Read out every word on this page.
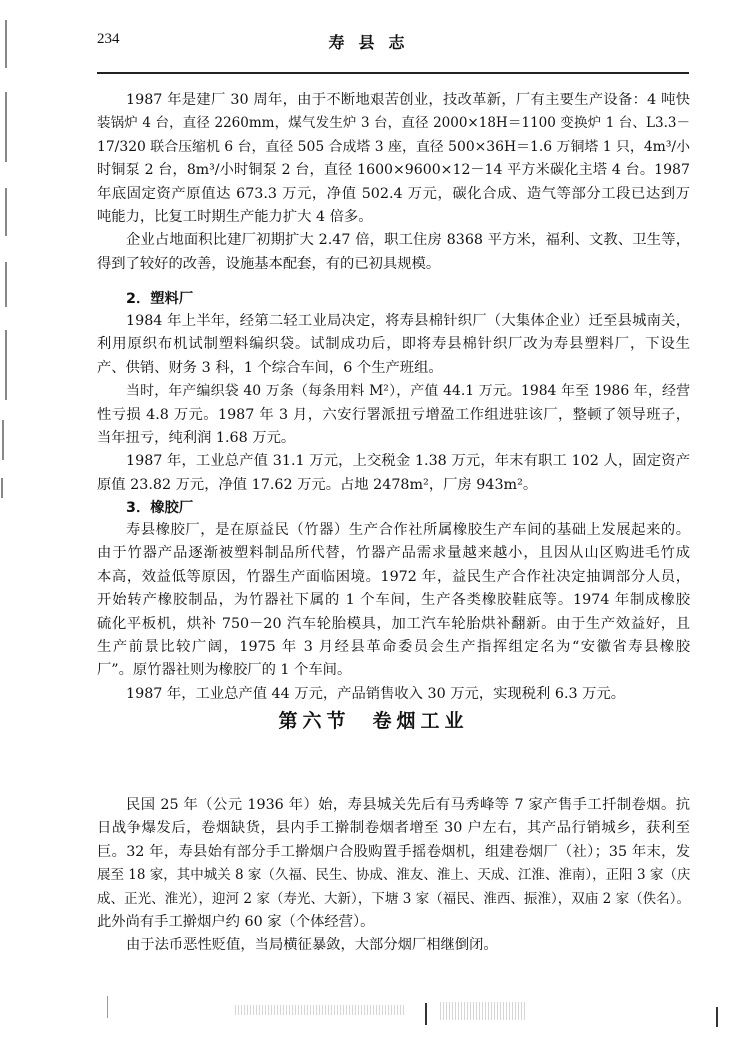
234	寿县志
1987 年是建厂 30 周年，由于不断地艰苦创业，技改革新，厂有主要生产设备：4 吨快
装锅炉 4 台，直径 2260mm，煤气发生炉 3 台，直径 2000×18H＝1100 变换炉 1 台、L3.3－
17/320 联合压缩机 6 台，直径 505 合成塔 3 座，直径 500×36H＝1.6 万铜塔 1 只，4m³/小
时铜泵 2 台，8m³/小时铜泵 2 台，直径 1600×9600×12－14 平方米碳化主塔 4 台。1987
年底固定资产原值达 673.3 万元，净值 502.4 万元，碳化合成、造气等部分工段已达到万
吨能力，比复工时期生产能力扩大 4 倍多。
企业占地面积比建厂初期扩大 2.47 倍，职工住房 8368 平方米，福利、文教、卫生等，
得到了较好的改善，设施基本配套，有的已初具规模。
2．塑料厂
1984 年上半年，经第二轻工业局决定，将寿县棉针织厂（大集体企业）迁至县城南关，
利用原织布机试制塑料编织袋。试制成功后，即将寿县棉针织厂改为寿县塑料厂，下设生
产、供销、财务 3 科，1 个综合车间，6 个生产班组。
当时，年产编织袋 40 万条（每条用料 M²），产值 44.1 万元。1984 年至 1986 年，经营
性亏损 4.8 万元。1987 年 3 月，六安行署派扭亏增盈工作组进驻该厂，整顿了领导班子，
当年扭亏，纯利润 1.68 万元。
1987 年，工业总产值 31.1 万元，上交税金 1.38 万元，年末有职工 102 人，固定资产
原值 23.82 万元，净值 17.62 万元。占地 2478m²，厂房 943m²。
3．橡胶厂
寿县橡胶厂，是在原益民（竹器）生产合作社所属橡胶生产车间的基础上发展起来的。
由于竹器产品逐渐被塑料制品所代替，竹器产品需求量越来越小，且因从山区购进毛竹成
本高，效益低等原因，竹器生产面临困境。1972 年，益民生产合作社决定抽调部分人员，
开始转产橡胶制品，为竹器社下属的 1 个车间，生产各类橡胶鞋底等。1974 年制成橡胶
硫化平板机，烘补 750－20 汽车轮胎模具，加工汽车轮胎烘补翻新。由于生产效益好，且
生产前景比较广阔，1975 年 3 月经县革命委员会生产指挥组定名为“安徽省寿县橡胶
厂”。原竹器社则为橡胶厂的 1 个车间。
1987 年，工业总产值 44 万元，产品销售收入 30 万元，实现税利 6.3 万元。
民国 25 年（公元 1936 年）始，寿县城关先后有马秀峰等 7 家产售手工扦制卷烟。抗
日战争爆发后，卷烟缺货，县内手工擀制卷烟者增至 30 户左右，其产品行销城乡，获利至
巨。32 年，寿县始有部分手工擀烟户合股购置手摇卷烟机，组建卷烟厂（社）；35 年末，发
展至 18 家，其中城关 8 家（久福、民生、协成、淮友、淮上、天成、江淮、淮南），正阳 3 家（庆
成、正光、淮光），迎河 2 家（寿光、大新），下塘 3 家（福民、淮西、振淮），双庙 2 家（佚名）。
此外尚有手工擀烟户约 60 家（个体经营）。
由于法币恶性贬值，当局横征暴敛，大部分烟厂相继倒闭。
第六节 卷烟工业
